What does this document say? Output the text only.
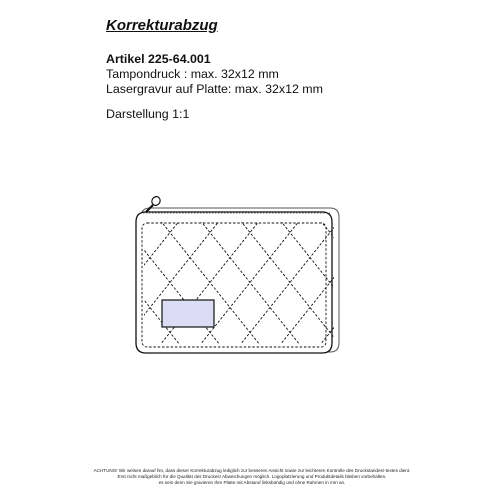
Korrekturabzug
Artikel 225-64.001
Tampondruck : max. 32x12 mm
Lasergravur auf Platte: max. 32x12 mm
Darstellung 1:1
ACHTUNG! Wir weisen darauf hin, dass dieser Korrekturabzug lediglich zur besseren Ansicht sowie zur leichteren Kontrolle des Druckstandes/-textes dient.
Erst nicht maßgeblich für die Qualität des Druckes! Abweichungen möglich. Logoplatzierung und Produktdetails bleiben vorbehalten.
es sein denn Sie gravieren Ihre Platte mit Abstand linksbündig und ohne Rahmen in mm an.
